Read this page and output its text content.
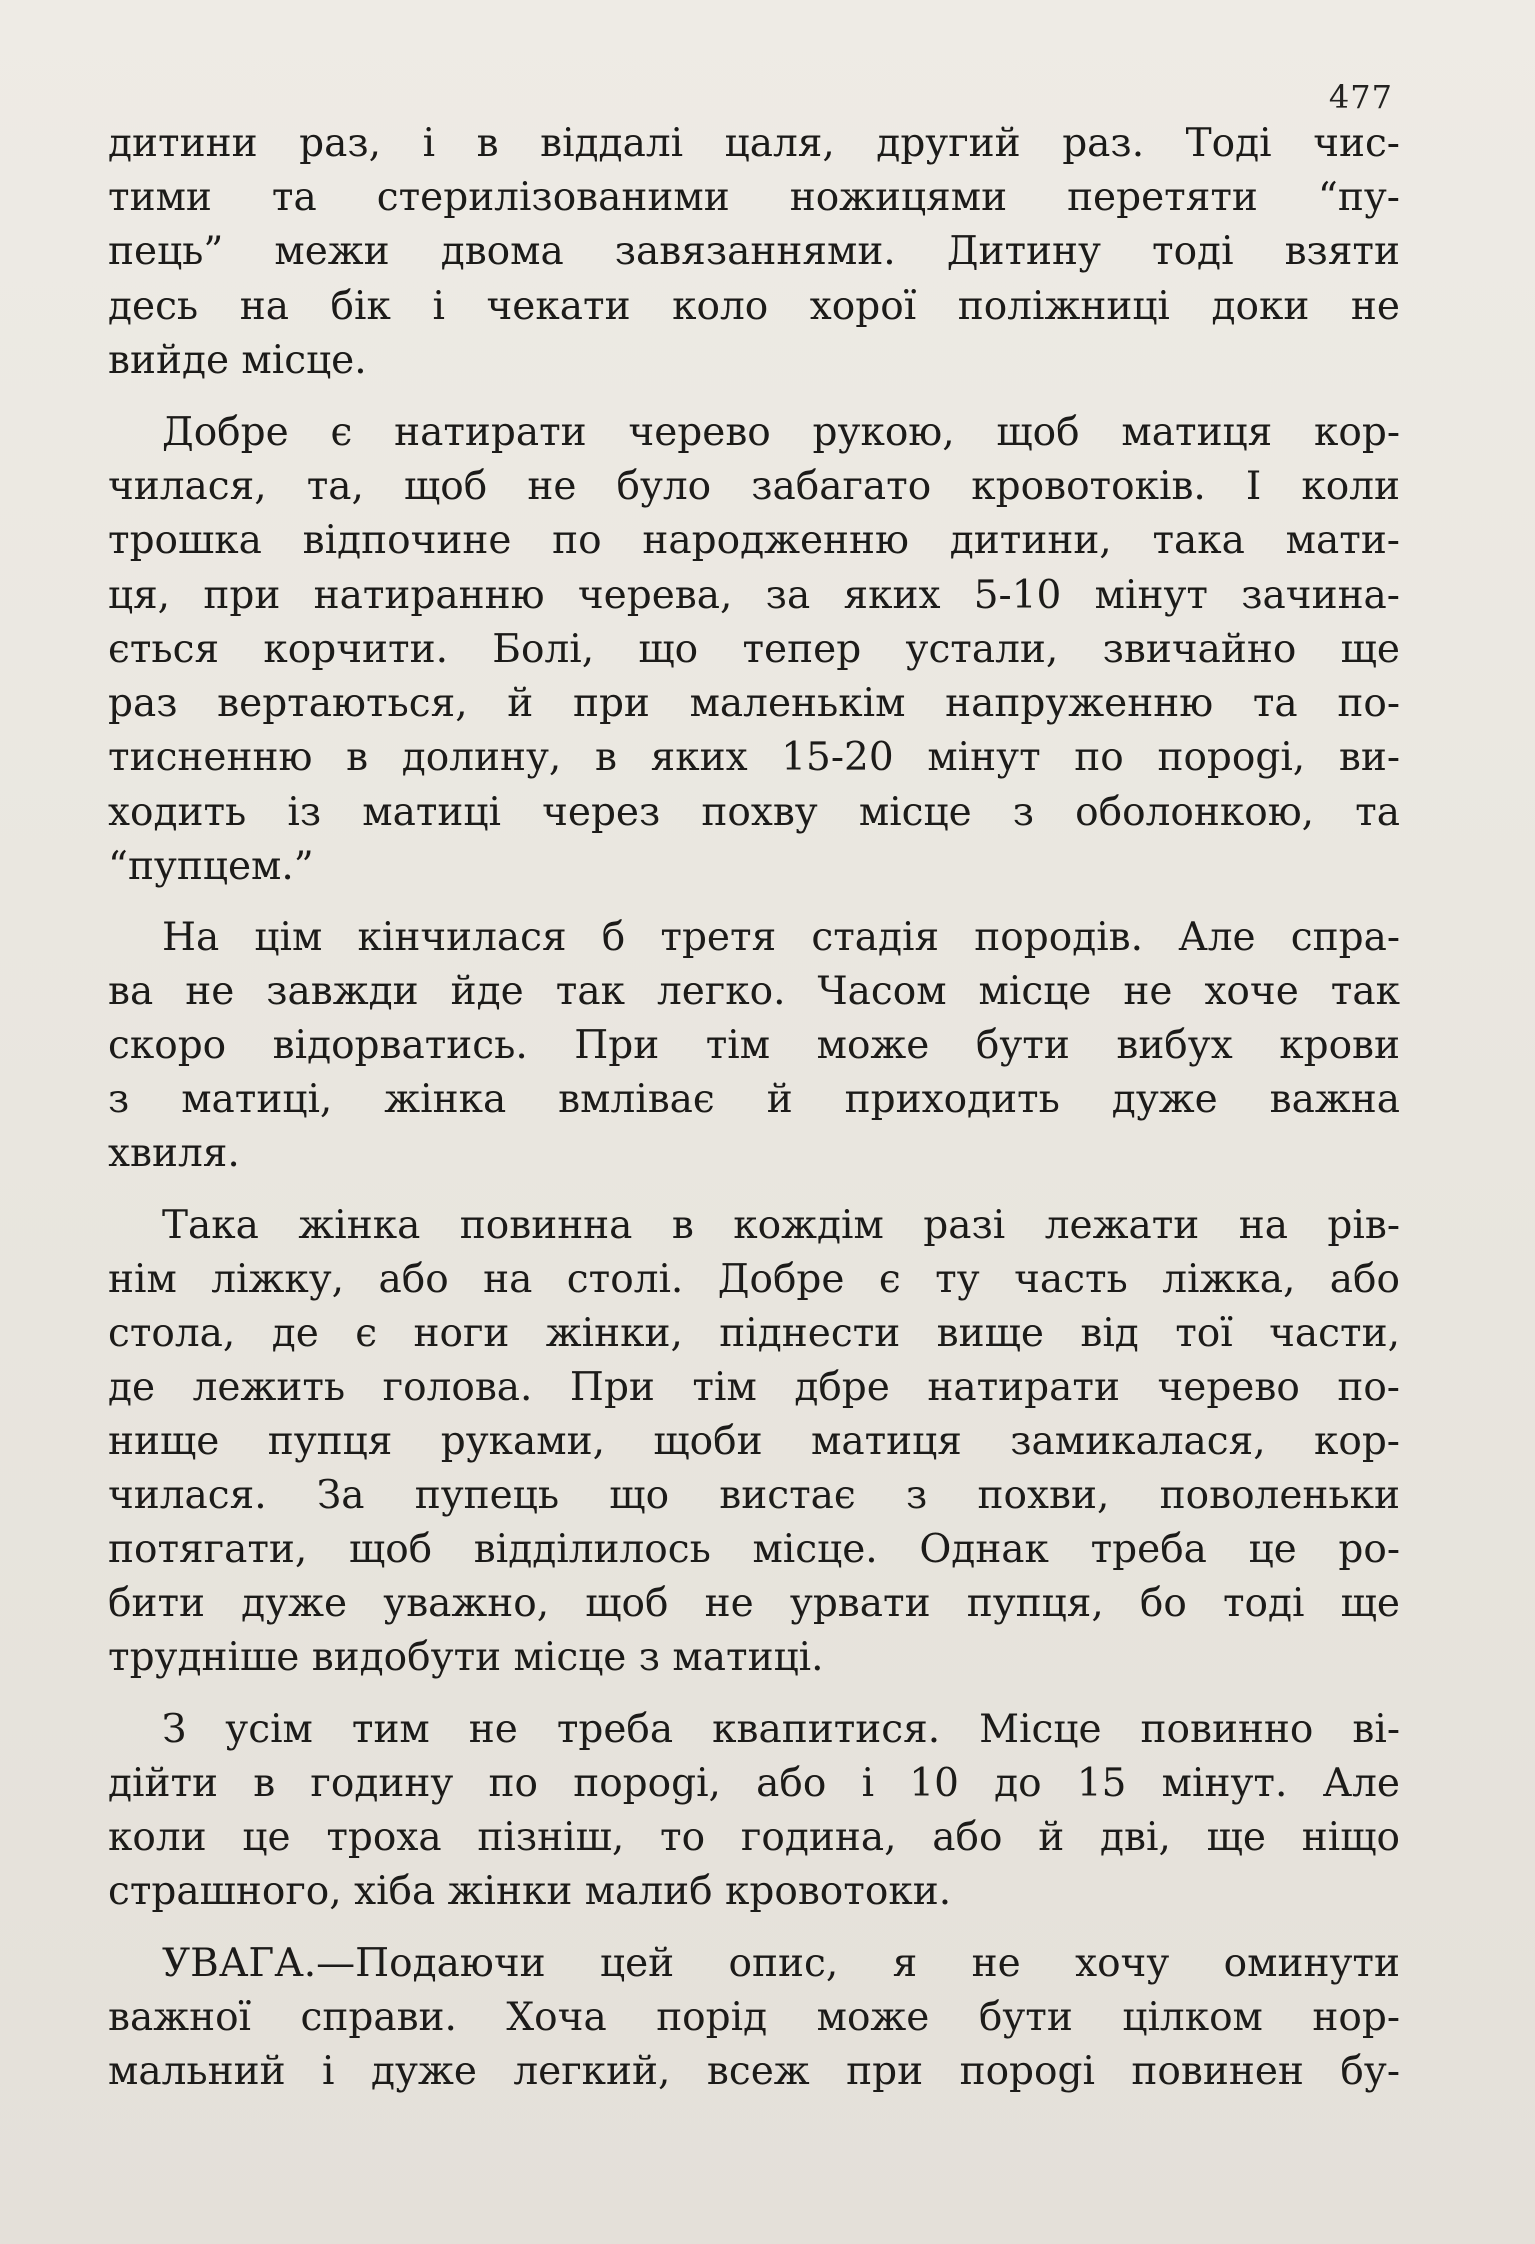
477
дитини раз, і в віддалі цаля, другий раз. Тоді чис-
тими та стерилізованими ножицями перетяти “пу-
пець” межи двома завязаннями. Дитину тоді взяти
десь на бік і чекати коло хорої поліжниці доки не
вийде місце.
Добре є натирати черево рукою, щоб матиця кор-
чилася, та, щоб не було забагато кровотоків. І коли
трошка відпочине по народженню дитини, така мати-
ця, при натиранню черева, за яких 5-10 мінут зачина-
ється корчити. Болі, що тепер устали, звичайно ще
раз вертаються, й при маленькім напруженню та по-
тисненню в долину, в яких 15-20 мінут по пороgі, ви-
ходить із матиці через похву місце з оболонкою, та
“пупцем.”
На цім кінчилася б третя стадія породів. Але спра-
ва не завжди йде так легко. Часом місце не хоче так
скоро відорватись. При тім може бути вибух крови
з матиці, жінка вмліває й приходить дуже важна
хвиля.
Така жінка повинна в кождім разі лежати на рів-
нім ліжку, або на столі. Добре є ту часть ліжка, або
стола, де є ноги жінки, піднести вище від тої части,
де лежить голова. При тім дбре натирати черево по-
нище пупця руками, щоби матиця замикалася, кор-
чилася. За пупець що вистає з похви, поволеньки
потягати, щоб відділилось місце. Однак треба це ро-
бити дуже уважно, щоб не урвати пупця, бо тоді ще
трудніше видобути місце з матиці.
З усім тим не треба квапитися. Місце повинно ві-
дійти в годину по пороgі, або і 10 до 15 мінут. Але
коли це троха пізніш, то година, або й дві, ще ніщо
страшного, хіба жінки малиб кровотоки.
УВАГА.—Подаючи цей опис, я не хочу оминути
важної справи. Хоча порід може бути цілком нор-
мальний і дуже легкий, всеж при пороgі повинен бу-
